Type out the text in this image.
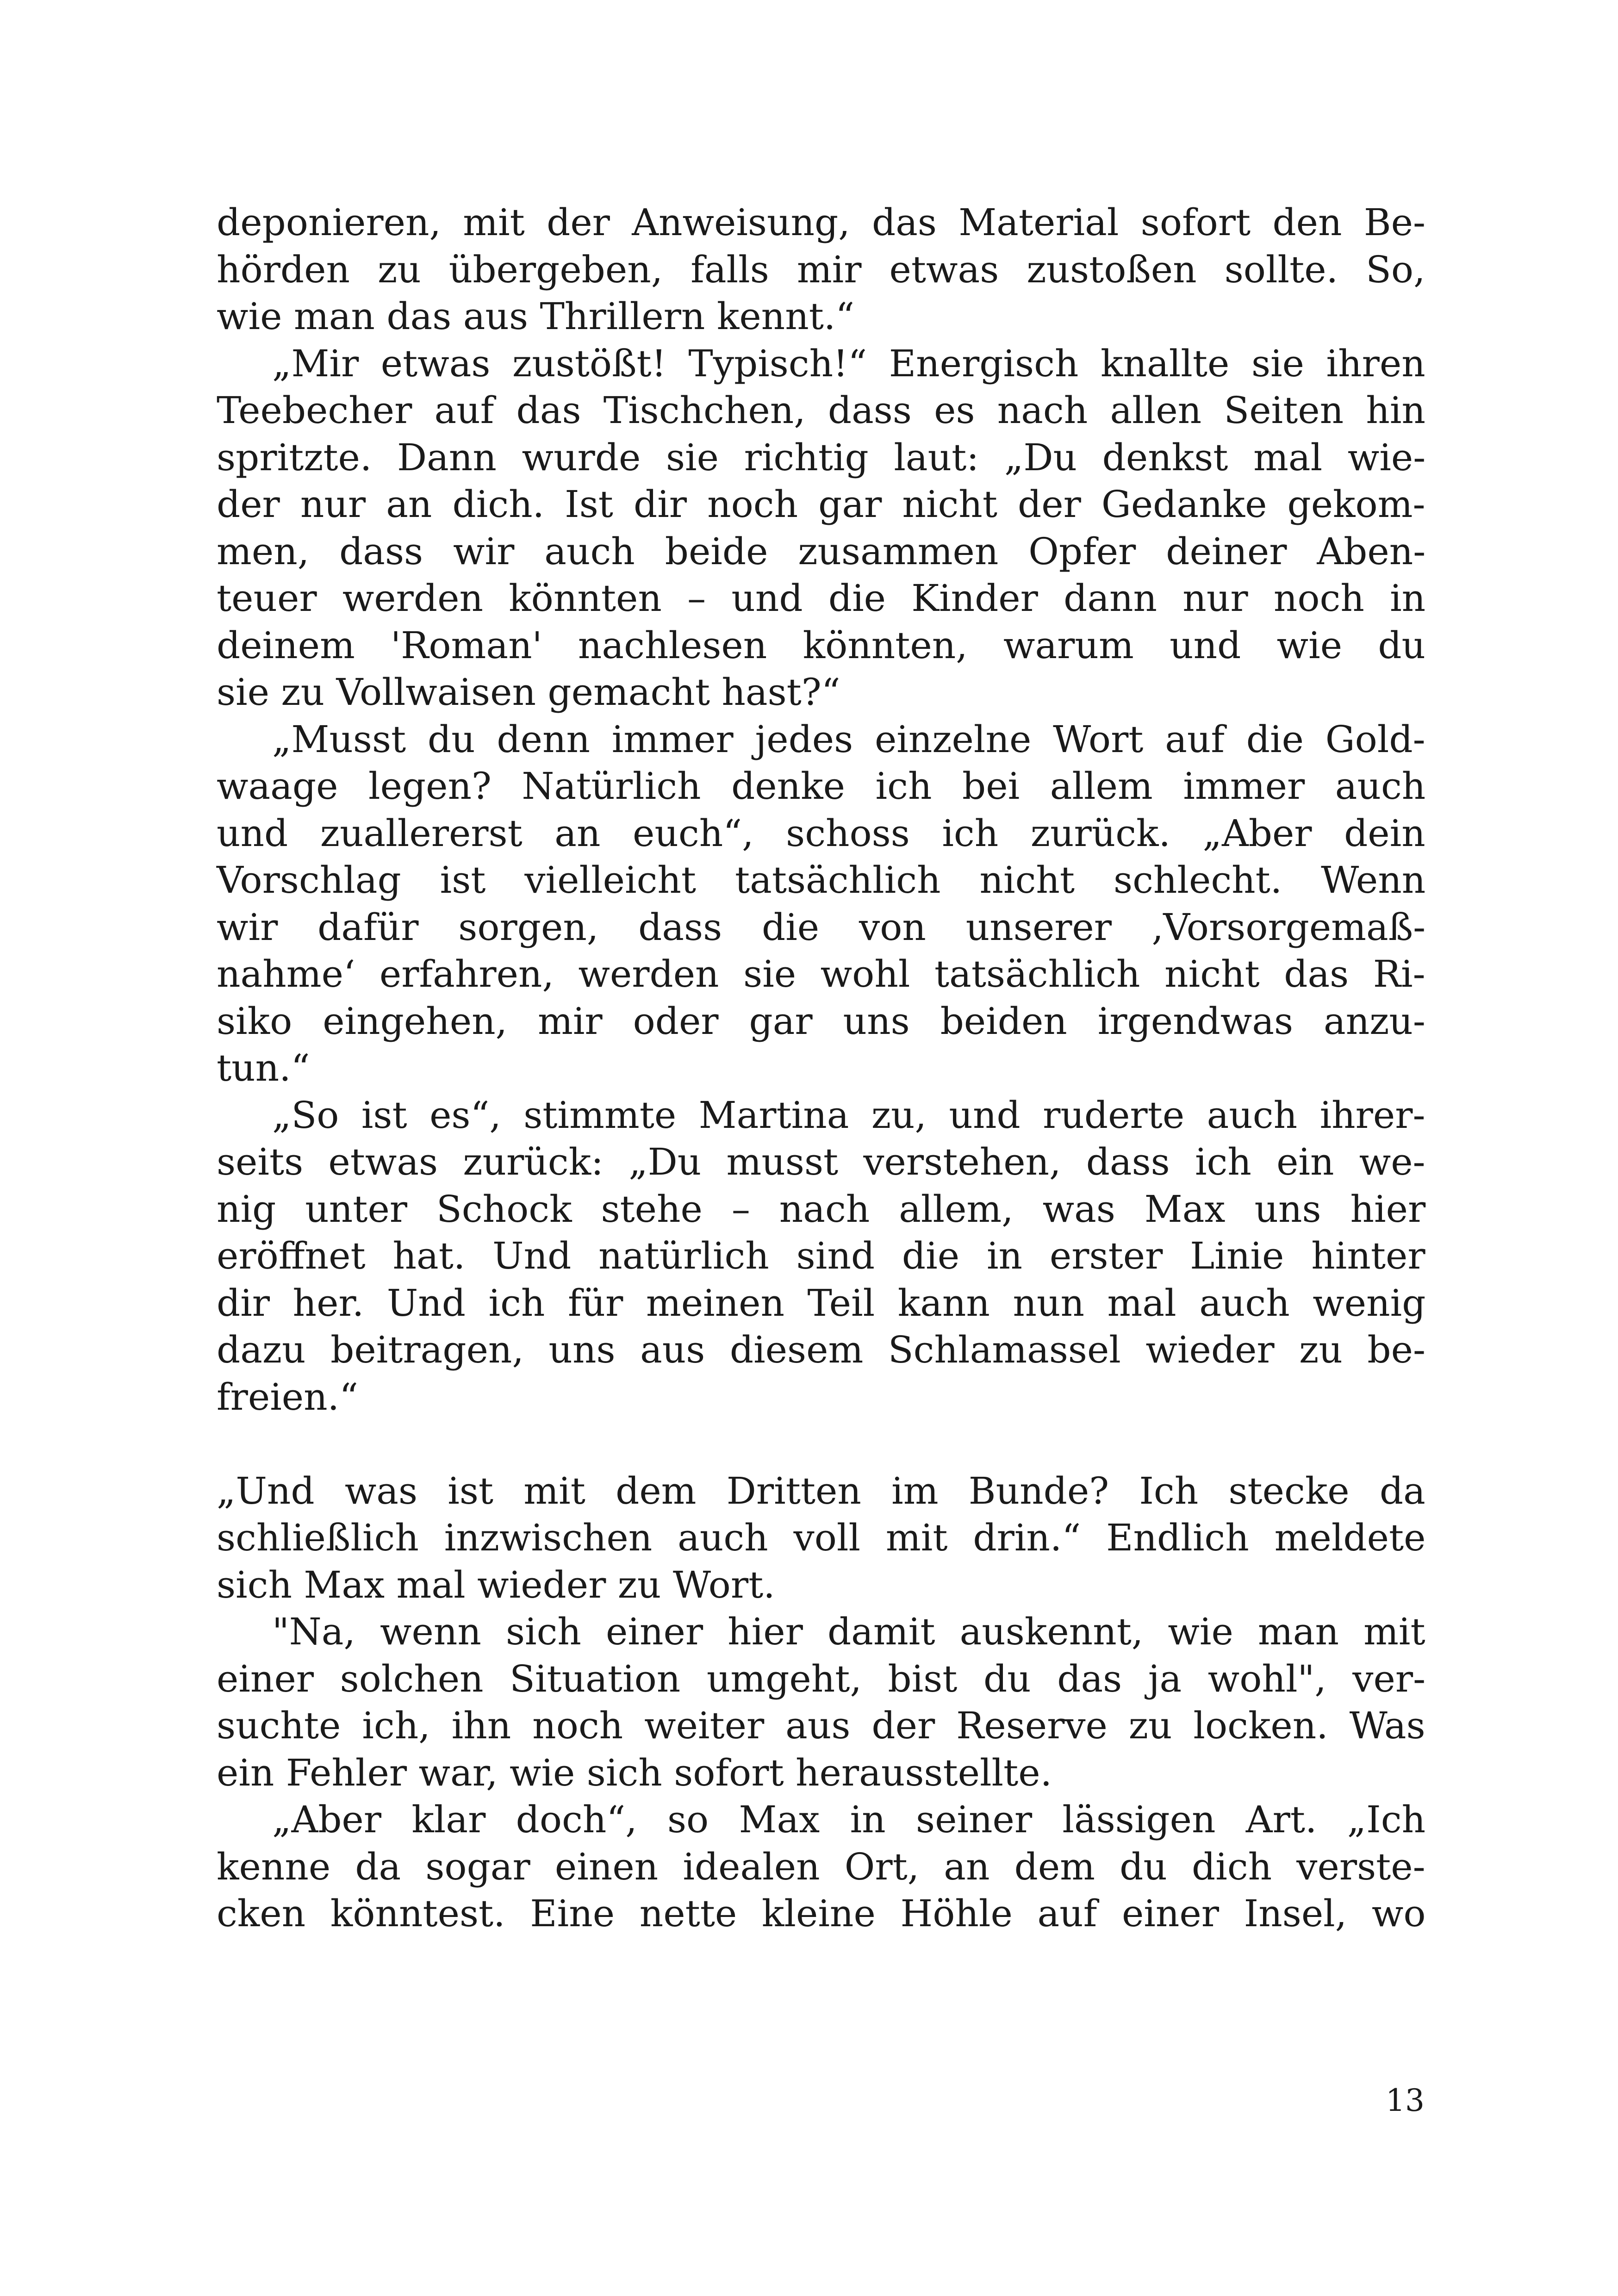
deponieren, mit der Anweisung, das Material sofort den Be-
hörden zu übergeben, falls mir etwas zustoßen sollte. So,
wie man das aus Thrillern kennt.“
„Mir etwas zustößt! Typisch!“ Energisch knallte sie ihren
Teebecher auf das Tischchen, dass es nach allen Seiten hin
spritzte. Dann wurde sie richtig laut: „Du denkst mal wie-
der nur an dich. Ist dir noch gar nicht der Gedanke gekom-
men, dass wir auch beide zusammen Opfer deiner Aben-
teuer werden könnten – und die Kinder dann nur noch in
deinem 'Roman' nachlesen könnten, warum und wie du
sie zu Vollwaisen gemacht hast?“
„Musst du denn immer jedes einzelne Wort auf die Gold-
waage legen? Natürlich denke ich bei allem immer auch
und zuallererst an euch“, schoss ich zurück. „Aber dein
Vorschlag ist vielleicht tatsächlich nicht schlecht. Wenn
wir dafür sorgen, dass die von unserer ‚Vorsorgemaß-
nahme‘ erfahren, werden sie wohl tatsächlich nicht das Ri-
siko eingehen, mir oder gar uns beiden irgendwas anzu-
tun.“
„So ist es“, stimmte Martina zu, und ruderte auch ihrer-
seits etwas zurück: „Du musst verstehen, dass ich ein we-
nig unter Schock stehe – nach allem, was Max uns hier
eröffnet hat. Und natürlich sind die in erster Linie hinter
dir her. Und ich für meinen Teil kann nun mal auch wenig
dazu beitragen, uns aus diesem Schlamassel wieder zu be-
freien.“
„Und was ist mit dem Dritten im Bunde? Ich stecke da
schließlich inzwischen auch voll mit drin.“ Endlich meldete
sich Max mal wieder zu Wort.
"Na, wenn sich einer hier damit auskennt, wie man mit
einer solchen Situation umgeht, bist du das ja wohl", ver-
suchte ich, ihn noch weiter aus der Reserve zu locken. Was
ein Fehler war, wie sich sofort herausstellte.
„Aber klar doch“, so Max in seiner lässigen Art. „Ich
kenne da sogar einen idealen Ort, an dem du dich verste-
cken könntest. Eine nette kleine Höhle auf einer Insel, wo
13
